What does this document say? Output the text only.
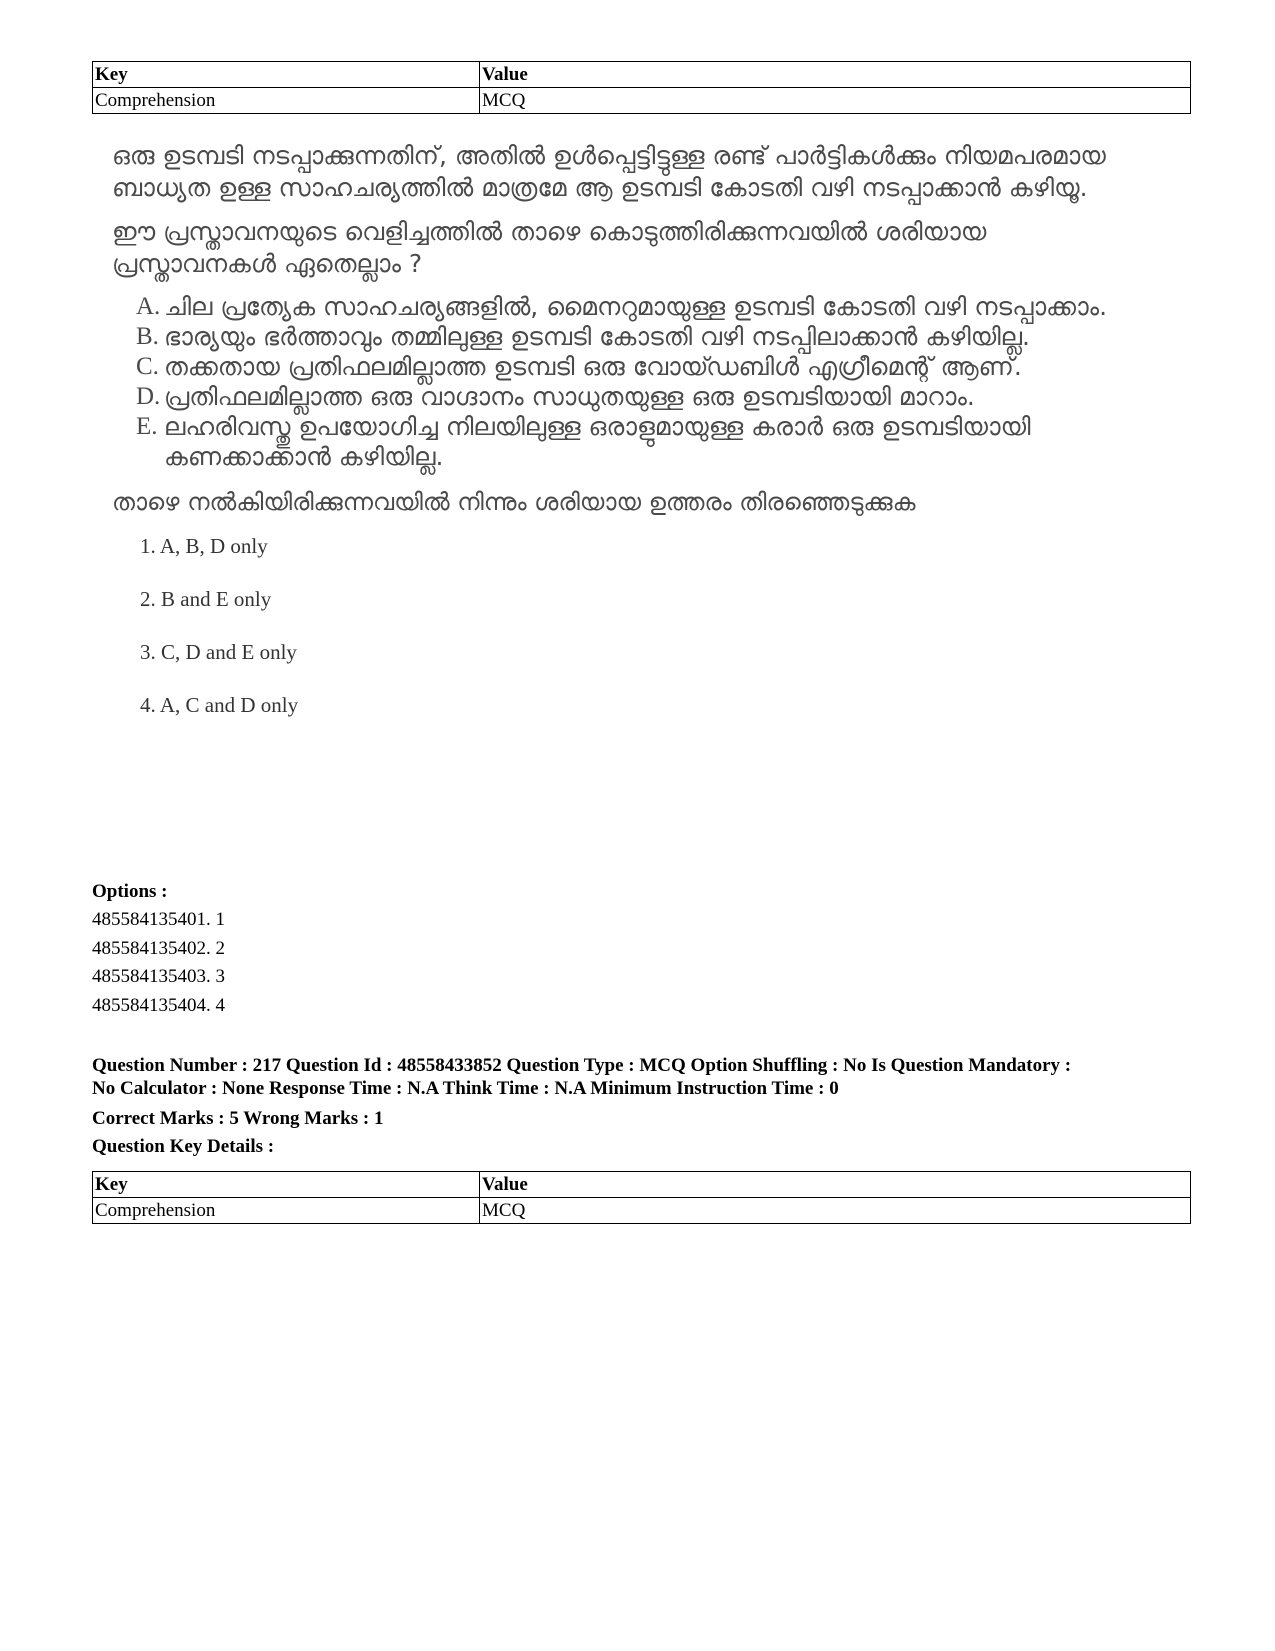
Key	Value
Comprehension	MCQ

ഒരു ഉടമ്പടി നടപ്പാക്കുന്നതിന്, അതിൽ ഉൾപ്പെട്ടിട്ടുള്ള രണ്ട് പാർട്ടികൾക്കും നിയമപരമായ ബാധ്യത ഉള്ള സാഹചര്യത്തിൽ മാത്രമേ ആ ഉടമ്പടി കോടതി വഴി നടപ്പാക്കാൻ കഴിയൂ.

ഈ പ്രസ്താവനയുടെ വെളിച്ചത്തിൽ താഴെ കൊടുത്തിരിക്കുന്നവയിൽ ശരിയായ പ്രസ്താവനകൾ ഏതെല്ലാം ?

A. ചില പ്രത്യേക സാഹചര്യങ്ങളിൽ, മൈനറുമായുള്ള ഉടമ്പടി കോടതി വഴി നടപ്പാക്കാം.
B. ഭാര്യയും ഭർത്താവും തമ്മിലുള്ള ഉടമ്പടി കോടതി വഴി നടപ്പിലാക്കാൻ കഴിയില്ല.
C. തക്കതായ പ്രതിഫലമില്ലാത്ത ഉടമ്പടി ഒരു വോയ്ഡബിൾ എഗ്രീമെന്റ് ആണ്.
D. പ്രതിഫലമില്ലാത്ത ഒരു വാഗ്ദാനം സാധുതയുള്ള ഒരു ഉടമ്പടിയായി മാറാം.
E. ലഹരിവസ്തു ഉപയോഗിച്ച നിലയിലുള്ള ഒരാളുമായുള്ള കരാർ ഒരു ഉടമ്പടിയായി കണക്കാക്കാൻ കഴിയില്ല.

താഴെ നൽകിയിരിക്കുന്നവയിൽ നിന്നും ശരിയായ ഉത്തരം തിരഞ്ഞെടുക്കുക

1. A, B, D only
2. B and E only
3. C, D and E only
4. A, C and D only
Options :
485584135401. 1
485584135402. 2
485584135403. 3
485584135404. 4
Question Number : 217 Question Id : 48558433852 Question Type : MCQ Option Shuffling : No Is Question Mandatory :
No Calculator : None Response Time : N.A Think Time : N.A Minimum Instruction Time : 0
Correct Marks : 5 Wrong Marks : 1
Question Key Details :
Key	Value
Comprehension	MCQ
